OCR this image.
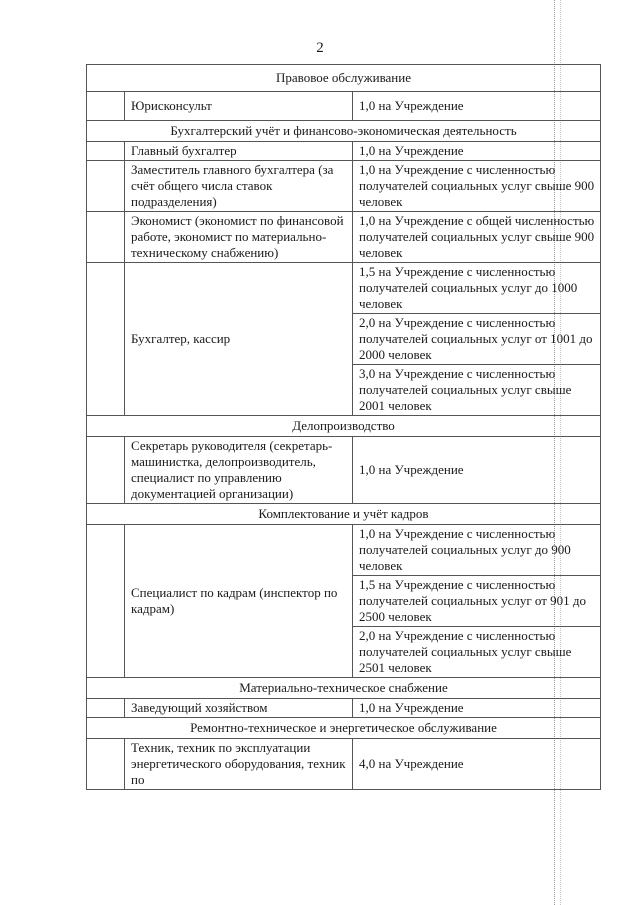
2
Правовое обслуживание		
	Юрисконсульт	1,0 на Учреждение
Бухгалтерский учёт и финансово-экономическая деятельность		
	Главный бухгалтер	1,0 на Учреждение
	Заместитель главного бухгалтера (за счёт общего числа ставок подразделения)	1,0 на Учреждение с численностью получателей социальных услуг свыше 900 человек
	Экономист (экономист по финансовой работе, экономист по материально-техническому снабжению)	1,0 на Учреждение с общей численностью получателей социальных услуг свыше 900 человек
	Бухгалтер, кассир	1,5 на Учреждение с численностью получателей социальных услуг до 1000 человек
		2,0 на Учреждение с численностью получателей социальных услуг от 1001 до 2000 человек
		3,0 на Учреждение с численностью получателей социальных услуг свыше 2001 человек
Делопроизводство		
	Секретарь руководителя (секретарь-машинистка, делопроизводитель, специалист по управлению документацией организации)	1,0 на Учреждение
Комплектование и учёт кадров		
	Специалист по кадрам (инспектор по кадрам)	1,0 на Учреждение с численностью получателей социальных услуг до 900 человек
		1,5 на Учреждение с численностью получателей социальных услуг от 901 до 2500 человек
		2,0 на Учреждение с численностью получателей социальных услуг свыше 2501 человек
Материально-техническое снабжение		
	Заведующий хозяйством	1,0 на Учреждение
Ремонтно-техническое и энергетическое обслуживание		
	Техник, техник по эксплуатации энергетического оборудования, техник по	4,0 на Учреждение
